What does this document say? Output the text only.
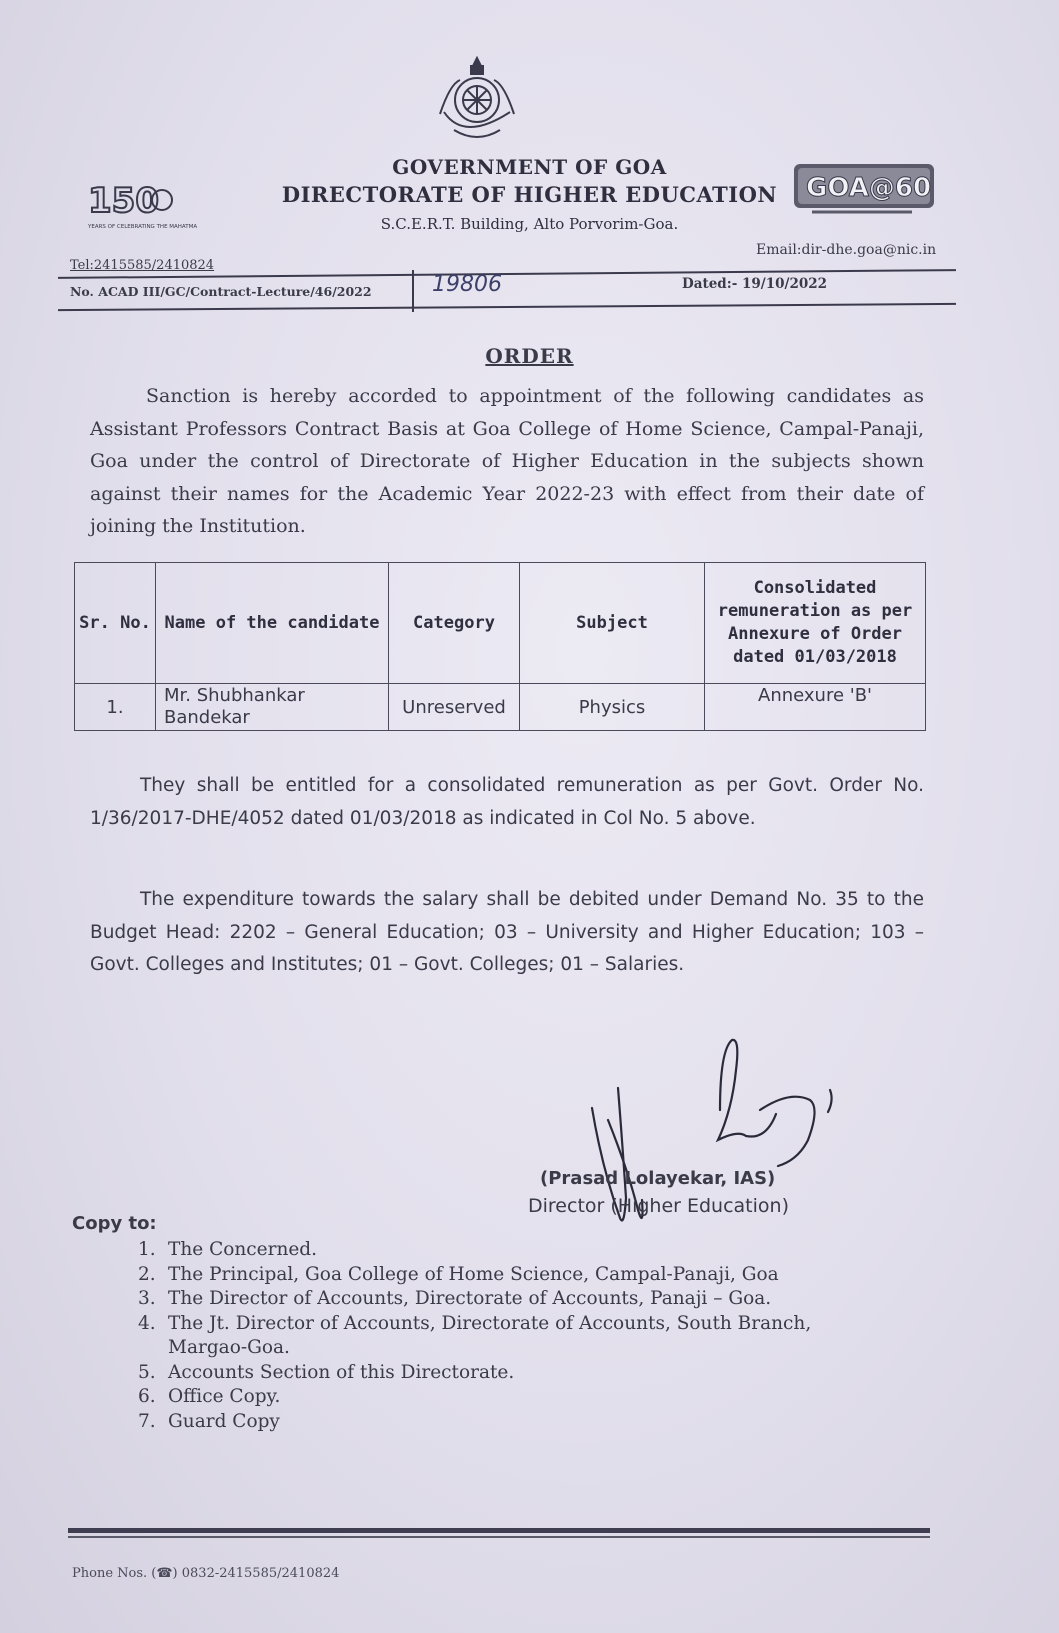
GOVERNMENT OF GOA
DIRECTORATE OF HIGHER EDUCATION
S.C.E.R.T. Building, Alto Porvorim-Goa.
150
YEARS OF CELEBRATING THE MAHATMA
GOA@60
Tel:2415585/2410824
Email:dir-dhe.goa@nic.in
No. ACAD III/GC/Contract-Lecture/46/2022	19806	Dated:- 19/10/2022
ORDER
Sanction is hereby accorded to appointment of the following candidates as Assistant Professors Contract Basis at Goa College of Home Science, Campal-Panaji, Goa under the control of Directorate of Higher Education in the subjects shown against their names for the Academic Year 2022-23 with effect from their date of joining the Institution.
Sr. No.	Name of the candidate	Category	Subject	Consolidated remuneration as per Annexure of Order dated 01/03/2018
1.	Mr. Shubhankar Bandekar	Unreserved	Physics	Annexure 'B'
They shall be entitled for a consolidated remuneration as per Govt. Order No. 1/36/2017-DHE/4052 dated 01/03/2018 as indicated in Col No. 5 above.
The expenditure towards the salary shall be debited under Demand No. 35 to the Budget Head: 2202 – General Education; 03 – University and Higher Education; 103 – Govt. Colleges and Institutes; 01 – Govt. Colleges; 01 – Salaries.
(Prasad Lolayekar, IAS)
Director (Higher Education)
Copy to:
1. The Concerned.
2. The Principal, Goa College of Home Science, Campal-Panaji, Goa
3. The Director of Accounts, Directorate of Accounts, Panaji – Goa.
4. The Jt. Director of Accounts, Directorate of Accounts, South Branch, Margao-Goa.
5. Accounts Section of this Directorate.
6. Office Copy.
7. Guard Copy
Phone Nos. (☎) 0832-2415585/2410824
